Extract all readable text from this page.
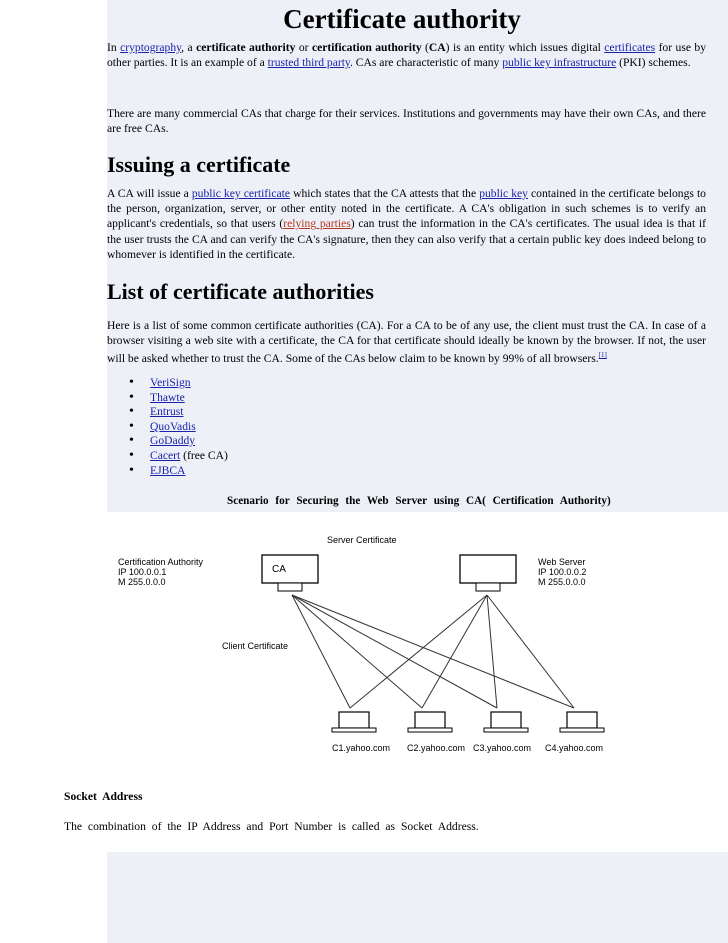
Certificate authority

In cryptography, a certificate authority or certification authority (CA) is an entity which issues digital certificates for use by other parties. It is an example of a trusted third party. CAs are characteristic of many public key infrastructure (PKI) schemes.

There are many commercial CAs that charge for their services. Institutions and governments may have their own CAs, and there are free CAs.

Issuing a certificate

A CA will issue a public key certificate which states that the CA attests that the public key contained in the certificate belongs to the person, organization, server, or other entity noted in the certificate. A CA's obligation in such schemes is to verify an applicant's credentials, so that users (relying parties) can trust the information in the CA's certificates. The usual idea is that if the user trusts the CA and can verify the CA's signature, then they can also verify that a certain public key does indeed belong to whomever is identified in the certificate.

List of certificate authorities

Here is a list of some common certificate authorities (CA). For a CA to be of any use, the client must trust the CA. In case of a browser visiting a web site with a certificate, the CA for that certificate should ideally be known by the browser. If not, the user will be asked whether to trust the CA. Some of the CAs below claim to be known by 99% of all browsers.[1]

• VeriSign
• Thawte
• Entrust
• QuoVadis
• GoDaddy
• Cacert (free CA)
• EJBCA

Scenario for Securing the Web Server using CA( Certification Authority)

CA
Server Certificate
Certification Authority
IP 100.0.0.1
M 255.0.0.0
Web Server
IP 100.0.0.2
M 255.0.0.0
Client Certificate
C1.yahoo.com C2.yahoo.com C3.yahoo.com C4.yahoo.com

Socket Address

The combination of the IP Address and Port Number is called as Socket Address.
